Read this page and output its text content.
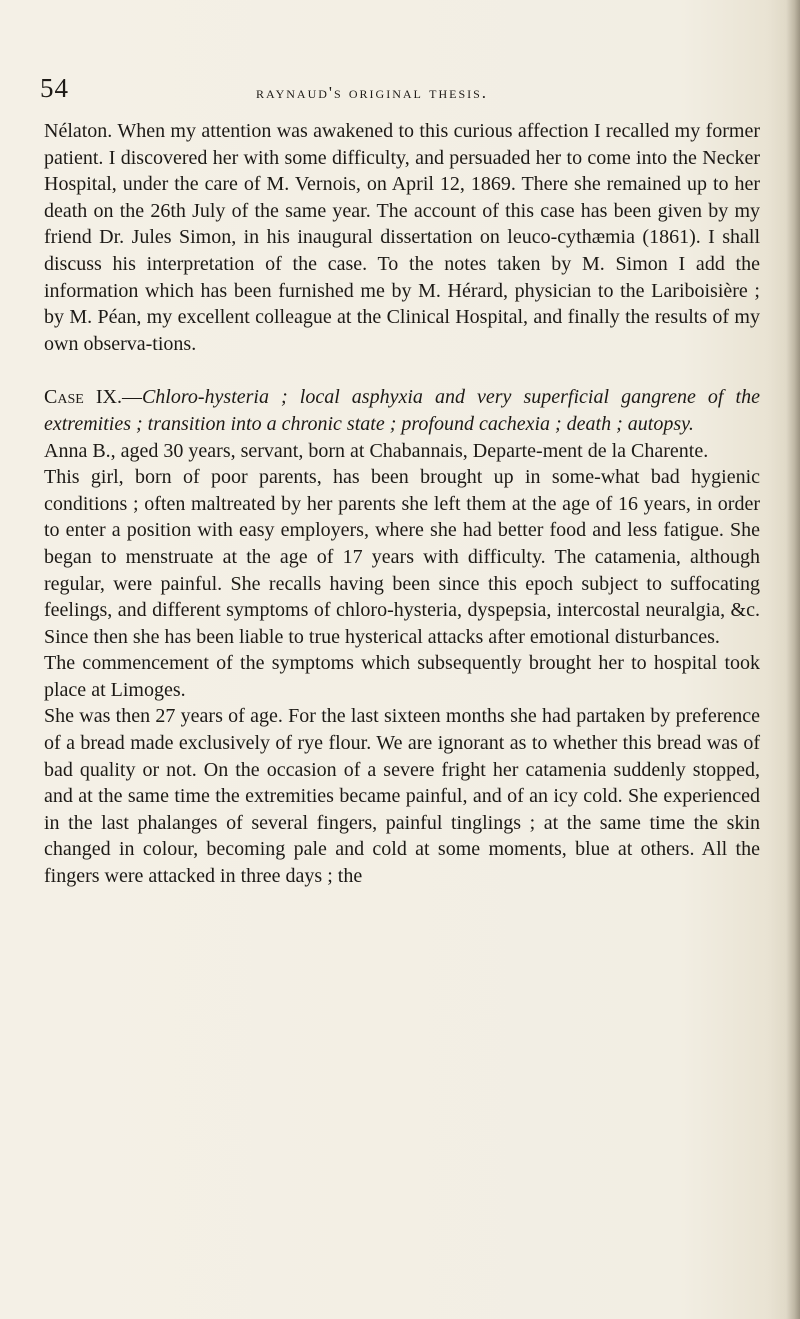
54	raynaud's original thesis.

Nélaton. When my attention was awakened to this curious affection I recalled my former patient. I discovered her with some difficulty, and persuaded her to come into the Necker Hospital, under the care of M. Vernois, on April 12, 1869. There she remained up to her death on the 26th July of the same year. The account of this case has been given by my friend Dr. Jules Simon, in his inaugural dissertation on leuco-cythæmia (1861). I shall discuss his interpretation of the case. To the notes taken by M. Simon I add the information which has been furnished me by M. Hérard, physician to the Lariboisière ; by M. Péan, my excellent colleague at the Clinical Hospital, and finally the results of my own observa-tions.

Case IX.—Chloro-hysteria ; local asphyxia and very superficial gangrene of the extremities ; transition into a chronic state ; profound cachexia ; death ; autopsy.

Anna B., aged 30 years, servant, born at Chabannais, Departe-ment de la Charente.

This girl, born of poor parents, has been brought up in some-what bad hygienic conditions ; often maltreated by her parents she left them at the age of 16 years, in order to enter a position with easy employers, where she had better food and less fatigue. She began to menstruate at the age of 17 years with difficulty. The catamenia, although regular, were painful. She recalls having been since this epoch subject to suffocating feelings, and different symptoms of chloro-hysteria, dyspepsia, intercostal neuralgia, &c. Since then she has been liable to true hysterical attacks after emotional disturbances.

The commencement of the symptoms which subsequently brought her to hospital took place at Limoges.

She was then 27 years of age. For the last sixteen months she had partaken by preference of a bread made exclusively of rye flour. We are ignorant as to whether this bread was of bad quality or not. On the occasion of a severe fright her catamenia suddenly stopped, and at the same time the extremities became painful, and of an icy cold. She experienced in the last phalanges of several fingers, painful tinglings ; at the same time the skin changed in colour, becoming pale and cold at some moments, blue at others. All the fingers were attacked in three days ; the
